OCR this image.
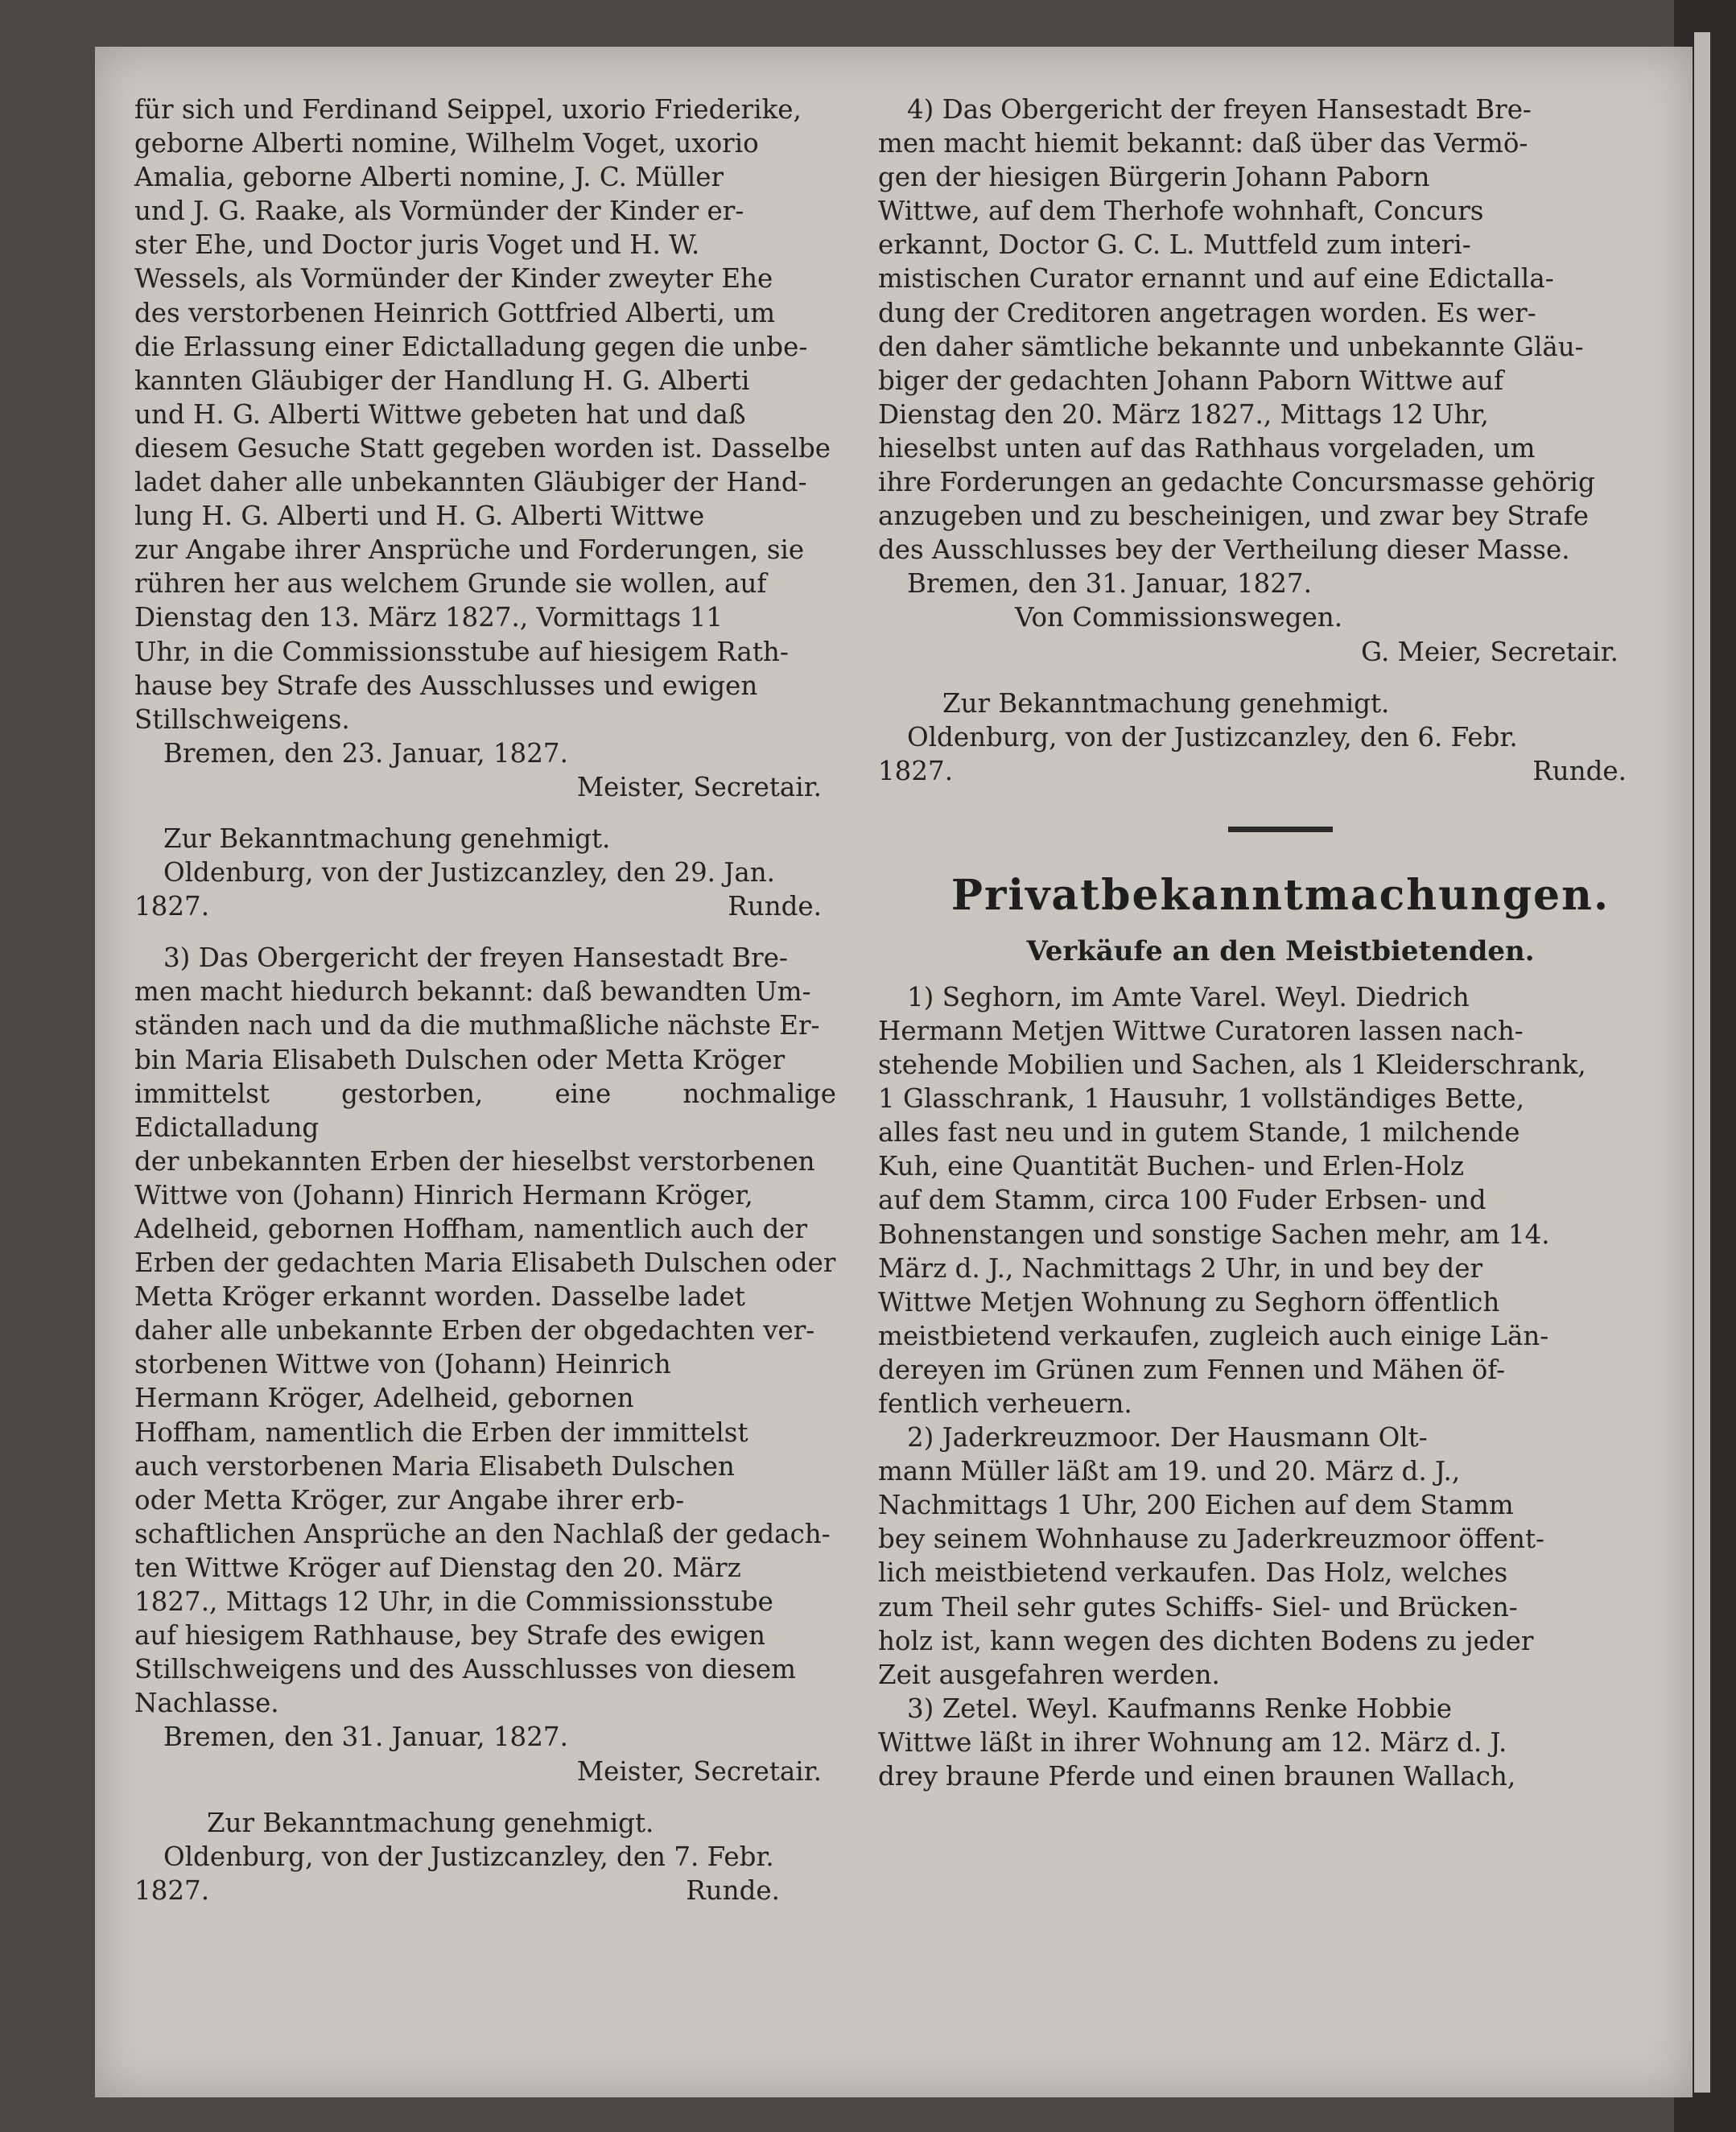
für sich und Ferdinand Seippel, uxorio Friederike,

geborne Alberti nomine, Wilhelm Voget, uxorio

Amalia, geborne Alberti nomine, J. C. Müller

und J. G. Raake, als Vormünder der Kinder er-

ster Ehe, und Doctor juris Voget und H. W.

Wessels, als Vormünder der Kinder zweyter Ehe

des verstorbenen Heinrich Gottfried Alberti, um

die Erlassung einer Edictalladung gegen die unbe-

kannten Gläubiger der Handlung H. G. Alberti

und H. G. Alberti Wittwe gebeten hat und daß

diesem Gesuche Statt gegeben worden ist. Dasselbe

ladet daher alle unbekannten Gläubiger der Hand-

lung H. G. Alberti und H. G. Alberti Wittwe

zur Angabe ihrer Ansprüche und Forderungen, sie

rühren her aus welchem Grunde sie wollen, auf

Dienstag den 13. März 1827., Vormittags 11

Uhr, in die Commissionsstube auf hiesigem Rath-

hause bey Strafe des Ausschlusses und ewigen

Stillschweigens.

Bremen, den 23. Januar, 1827.

Meister, Secretair.

Zur Bekanntmachung genehmigt.

Oldenburg, von der Justizcanzley, den 29. Jan.

1827.	Runde.

3) Das Obergericht der freyen Hansestadt Bre-

men macht hiedurch bekannt: daß bewandten Um-

ständen nach und da die muthmaßliche nächste Er-

bin Maria Elisabeth Dulschen oder Metta Kröger

immittelst gestorben, eine nochmalige Edictalladung

der unbekannten Erben der hieselbst verstorbenen

Wittwe von (Johann) Hinrich Hermann Kröger,

Adelheid, gebornen Hoffham, namentlich auch der

Erben der gedachten Maria Elisabeth Dulschen oder

Metta Kröger erkannt worden. Dasselbe ladet

daher alle unbekannte Erben der obgedachten ver-

storbenen Wittwe von (Johann) Heinrich

Hermann Kröger, Adelheid, gebornen

Hoffham, namentlich die Erben der immittelst

auch verstorbenen Maria Elisabeth Dulschen

oder Metta Kröger, zur Angabe ihrer erb-

schaftlichen Ansprüche an den Nachlaß der gedach-

ten Wittwe Kröger auf Dienstag den 20. März

1827., Mittags 12 Uhr, in die Commissionsstube

auf hiesigem Rathhause, bey Strafe des ewigen

Stillschweigens und des Ausschlusses von diesem

Nachlasse.

Bremen, den 31. Januar, 1827.

Meister, Secretair.

Zur Bekanntmachung genehmigt.

Oldenburg, von der Justizcanzley, den 7. Febr.

1827.	Runde.

4) Das Obergericht der freyen Hansestadt Bre-

men macht hiemit bekannt: daß über das Vermö-

gen der hiesigen Bürgerin Johann Paborn

Wittwe, auf dem Therhofe wohnhaft, Concurs

erkannt, Doctor G. C. L. Muttfeld zum interi-

mistischen Curator ernannt und auf eine Edictalla-

dung der Creditoren angetragen worden. Es wer-

den daher sämtliche bekannte und unbekannte Gläu-

biger der gedachten Johann Paborn Wittwe auf

Dienstag den 20. März 1827., Mittags 12 Uhr,

hieselbst unten auf das Rathhaus vorgeladen, um

ihre Forderungen an gedachte Concursmasse gehörig

anzugeben und zu bescheinigen, und zwar bey Strafe

des Ausschlusses bey der Vertheilung dieser Masse.

Bremen, den 31. Januar, 1827.

Von Commissionswegen.

G. Meier, Secretair.

Zur Bekanntmachung genehmigt.

Oldenburg, von der Justizcanzley, den 6. Febr.

1827.	Runde.
Privatbekanntmachungen.
Verkäufe an den Meistbietenden.

1) Seghorn, im Amte Varel. Weyl. Diedrich

Hermann Metjen Wittwe Curatoren lassen nach-

stehende Mobilien und Sachen, als 1 Kleiderschrank,

1 Glasschrank, 1 Hausuhr, 1 vollständiges Bette,

alles fast neu und in gutem Stande, 1 milchende

Kuh, eine Quantität Buchen- und Erlen-Holz

auf dem Stamm, circa 100 Fuder Erbsen- und

Bohnenstangen und sonstige Sachen mehr, am 14.

März d. J., Nachmittags 2 Uhr, in und bey der

Wittwe Metjen Wohnung zu Seghorn öffentlich

meistbietend verkaufen, zugleich auch einige Län-

dereyen im Grünen zum Fennen und Mähen öf-

fentlich verheuern.

2) Jaderkreuzmoor. Der Hausmann Olt-

mann Müller läßt am 19. und 20. März d. J.,

Nachmittags 1 Uhr, 200 Eichen auf dem Stamm

bey seinem Wohnhause zu Jaderkreuzmoor öffent-

lich meistbietend verkaufen. Das Holz, welches

zum Theil sehr gutes Schiffs- Siel- und Brücken-

holz ist, kann wegen des dichten Bodens zu jeder

Zeit ausgefahren werden.

3) Zetel. Weyl. Kaufmanns Renke Hobbie

Wittwe läßt in ihrer Wohnung am 12. März d. J.

drey braune Pferde und einen braunen Wallach,
